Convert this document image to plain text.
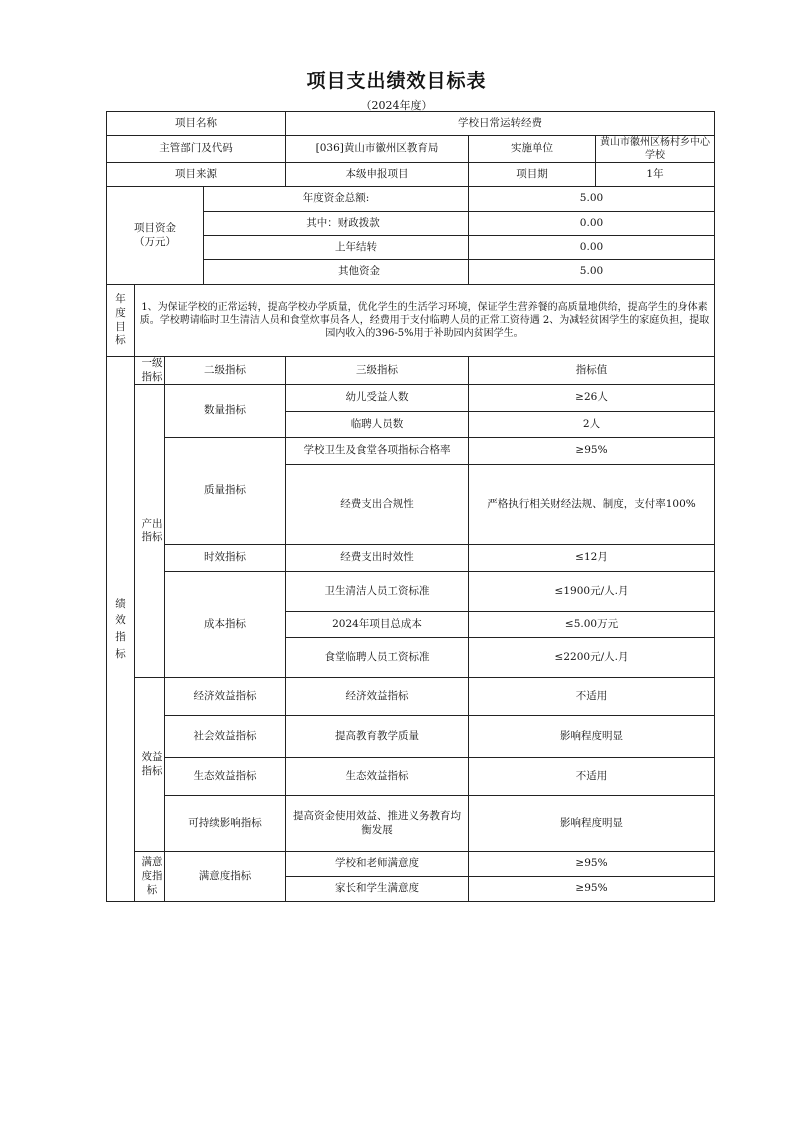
项目支出绩效目标表
（2024年度）
项目名称				学校日常运转经费		
主管部门及代码				[036]黄山市徽州区教育局	实施单位	黄山市徽州区杨村乡中心学校
项目来源				本级申报项目	项目期	1年

项目资金
（万元）			年度资金总额:		5.00	
			其中：财政拨款		0.00	
			上年结转		0.00	
			其他资金		5.00	

年度
目标	1、为保证学校的正常运转，提高学校办学质量，优化学生的生活学习环境，保证学生营养餐的高质量地供给，提高学生的身体素质。学校聘请临时卫生清洁人员和食堂炊事员各人，经费用于支付临聘人员的正常工资待遇 2、为减轻贫困学生的家庭负担，提取园内收入的396-5%用于补助园内贫困学生。					

绩效指标	一级指标	二级指标		三级指标	指标值	

	产出指标	数量指标		幼儿受益人数	≥26人	
				临聘人员数	2人	
		质量指标		学校卫生及食堂各项指标合格率	≥95%	
				经费支出合规性	严格执行相关财经法规、制度，支付率100%	
		时效指标		经费支出时效性	≤12月	
		成本指标		卫生清洁人员工资标准	≤1900元/人.月	
				2024年项目总成本	≤5.00万元	
				食堂临聘人员工资标准	≤2200元/人.月	

	效益指标	经济效益指标		经济效益指标	不适用	
		社会效益指标		提高教育教学质量	影响程度明显	
		生态效益指标		生态效益指标	不适用	
		可持续影响指标		提高资金使用效益、推进义务教育均衡发展	影响程度明显	

	满意度指标	满意度指标		学校和老师满意度	≥95%	
				家长和学生满意度	≥95%	
